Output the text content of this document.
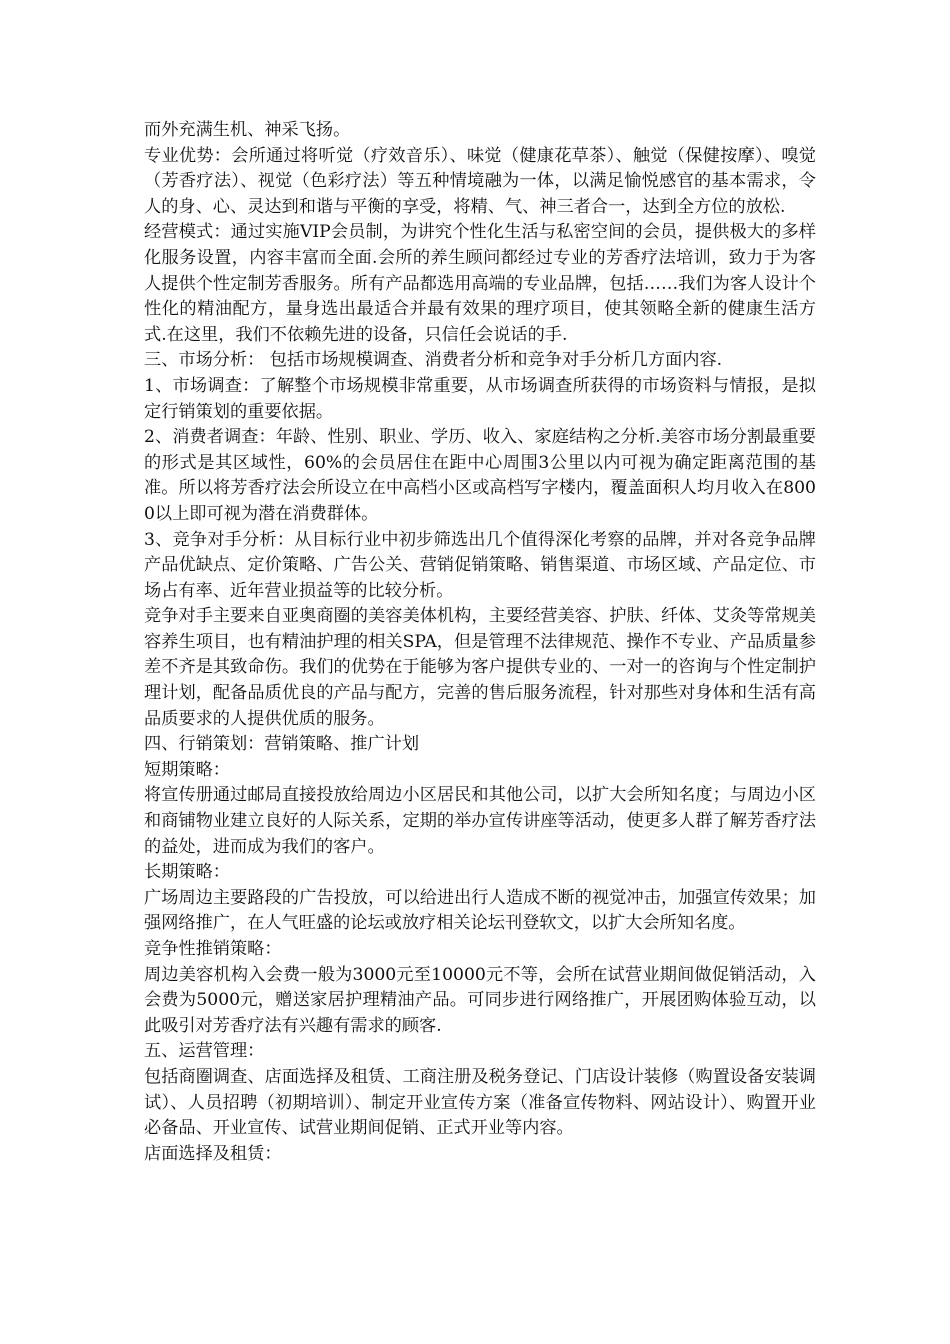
而外充满生机、神采飞扬。

专业优势：会所通过将听觉（疗效音乐）、味觉（健康花草茶）、触觉（保健按摩）、嗅觉（芳香疗法）、视觉（色彩疗法）等五种情境融为一体，以满足愉悦感官的基本需求，令人的身、心、灵达到和谐与平衡的享受，将精、气、神三者合一，达到全方位的放松.

经营模式：通过实施VIP会员制，为讲究个性化生活与私密空间的会员，提供极大的多样化服务设置，内容丰富而全面.会所的养生顾问都经过专业的芳香疗法培训，致力于为客人提供个性定制芳香服务。所有产品都选用高端的专业品牌，包括……我们为客人设计个性化的精油配方，量身选出最适合并最有效果的理疗项目，使其领略全新的健康生活方式.在这里，我们不依赖先进的设备，只信任会说话的手.

三、市场分析： 包括市场规模调查、消费者分析和竞争对手分析几方面内容.

1、市场调查：了解整个市场规模非常重要，从市场调查所获得的市场资料与情报，是拟定行销策划的重要依据。

2、消费者调查：年龄、性别、职业、学历、收入、家庭结构之分析.美容市场分割最重要的形式是其区域性，60%的会员居住在距中心周围3公里以内可视为确定距离范围的基准。所以将芳香疗法会所设立在中高档小区或高档写字楼内，覆盖面积人均月收入在8000以上即可视为潜在消费群体。

3、竞争对手分析：从目标行业中初步筛选出几个值得深化考察的品牌，并对各竞争品牌产品优缺点、定价策略、广告公关、营销促销策略、销售渠道、市场区域、产品定位、市场占有率、近年营业损益等的比较分析。

竞争对手主要来自亚奥商圈的美容美体机构，主要经营美容、护肤、纤体、艾灸等常规美容养生项目，也有精油护理的相关SPA，但是管理不法律规范、操作不专业、产品质量参差不齐是其致命伤。我们的优势在于能够为客户提供专业的、一对一的咨询与个性定制护理计划，配备品质优良的产品与配方，完善的售后服务流程，针对那些对身体和生活有高品质要求的人提供优质的服务。

四、行销策划：营销策略、推广计划

短期策略：

将宣传册通过邮局直接投放给周边小区居民和其他公司，以扩大会所知名度；与周边小区和商铺物业建立良好的人际关系，定期的举办宣传讲座等活动，使更多人群了解芳香疗法的益处，进而成为我们的客户。

长期策略：

广场周边主要路段的广告投放，可以给进出行人造成不断的视觉冲击，加强宣传效果；加强网络推广，在人气旺盛的论坛或放疗相关论坛刊登软文，以扩大会所知名度。

竞争性推销策略：

周边美容机构入会费一般为3000元至10000元不等，会所在试营业期间做促销活动，入会费为5000元，赠送家居护理精油产品。可同步进行网络推广，开展团购体验互动，以此吸引对芳香疗法有兴趣有需求的顾客.

五、运营管理：

包括商圈调查、店面选择及租赁、工商注册及税务登记、门店设计装修（购置设备安装调试）、人员招聘（初期培训）、制定开业宣传方案（准备宣传物料、网站设计）、购置开业必备品、开业宣传、试营业期间促销、正式开业等内容。

店面选择及租赁：
